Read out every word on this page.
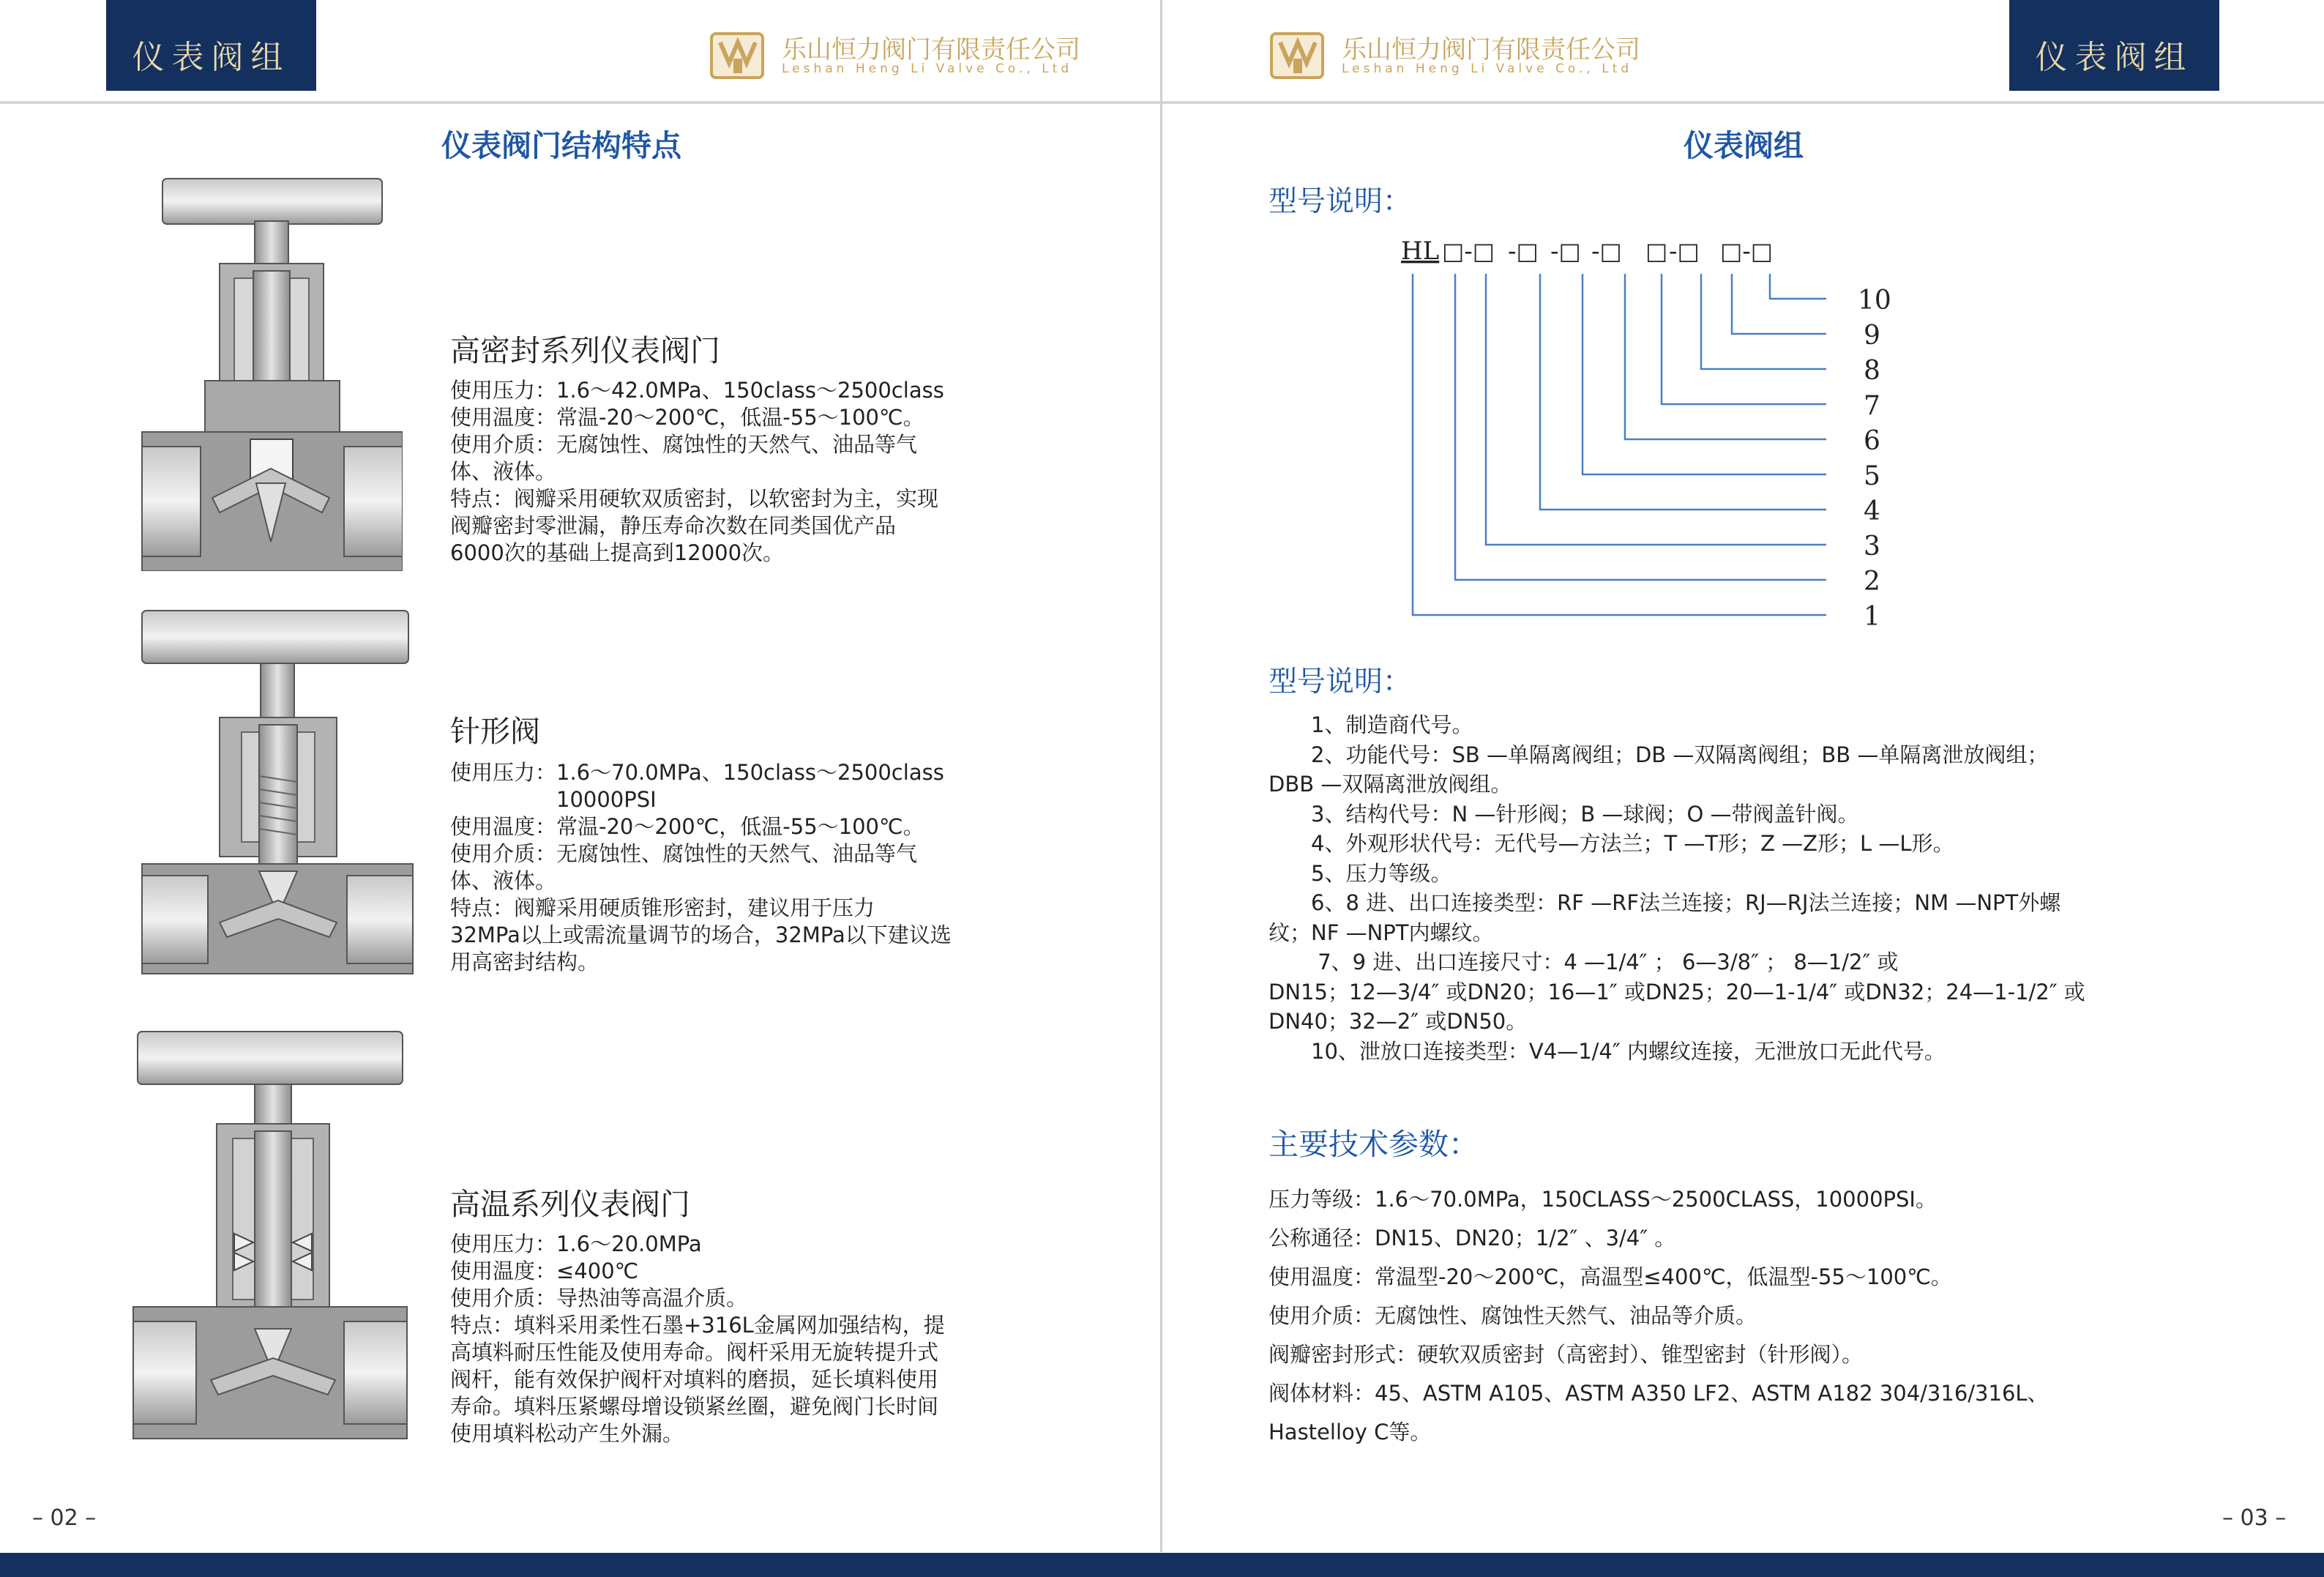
仪表阀组	乐山恒力阀门有限责任公司
Leshan Heng Li Valve Co., Ltd
乐山恒力阀门有限责任公司
Leshan Heng Li Valve Co., Ltd	仪表阀组
仪表阀门结构特点
高密封系列仪表阀门
使用压力：1.6～42.0MPa、150class～2500class
使用温度：常温-20～200℃，低温-55～100℃。
使用介质：无腐蚀性、腐蚀性的天然气、油品等气
体、液体。
特点：阀瓣采用硬软双质密封，以软密封为主，实现
阀瓣密封零泄漏，静压寿命次数在同类国优产品
6000次的基础上提高到12000次。
针形阀
使用压力：1.6～70.0MPa、150class～2500class
　　　　　10000PSI
使用温度：常温-20～200℃，低温-55～100℃。
使用介质：无腐蚀性、腐蚀性的天然气、油品等气
体、液体。
特点：阀瓣采用硬质锥形密封，建议用于压力
32MPa以上或需流量调节的场合，32MPa以下建议选
用高密封结构。
高温系列仪表阀门
使用压力：1.6～20.0MPa
使用温度：≤400℃
使用介质：导热油等高温介质。
特点：填料采用柔性石墨+316L金属网加强结构，提
高填料耐压性能及使用寿命。阀杆采用无旋转提升式
阀杆，能有效保护阀杆对填料的磨损，延长填料使用
寿命。填料压紧螺母增设锁紧丝圈，避免阀门长时间
使用填料松动产生外漏。
– 02 –
仪表阀组
型号说明：
HL □-□ -□ -□ -□ □ -□ □-□
10
9
8
7
6
5
4
3
2
1
型号说明：
　　1、制造商代号。
　　2、功能代号：SB —单隔离阀组；DB —双隔离阀组；BB —单隔离泄放阀组；
DBB —双隔离泄放阀组。
　　3、结构代号：N —针形阀；B —球阀；O —带阀盖针阀。
　　4、外观形状代号：无代号—方法兰；T —T形；Z —Z形；L —L形。
　　5、压力等级。
　　6、8 进、出口连接类型：RF —RF法兰连接；RJ—RJ法兰连接；NM —NPT外螺
纹；NF —NPT内螺纹。
　　 7、9 进、出口连接尺寸：4 —1/4″ ； 6—3/8″ ； 8—1/2″ 或
DN15；12—3/4″ 或DN20；16—1″ 或DN25；20—1-1/4″ 或DN32；24—1-1/2″ 或
DN40；32—2″ 或DN50。
　　10、泄放口连接类型：V4—1/4″ 内螺纹连接，无泄放口无此代号。
主要技术参数：
压力等级：1.6～70.0MPa，150CLASS～2500CLASS，10000PSI。
公称通径：DN15、DN20；1/2″ 、3/4″ 。
使用温度：常温型-20～200℃，高温型≤400℃，低温型-55～100℃。
使用介质：无腐蚀性、腐蚀性天然气、油品等介质。
阀瓣密封形式：硬软双质密封（高密封）、锥型密封（针形阀）。
阀体材料：45、ASTM A105、ASTM A350 LF2、ASTM A182 304/316/316L、
Hastelloy C等。
– 03 –
